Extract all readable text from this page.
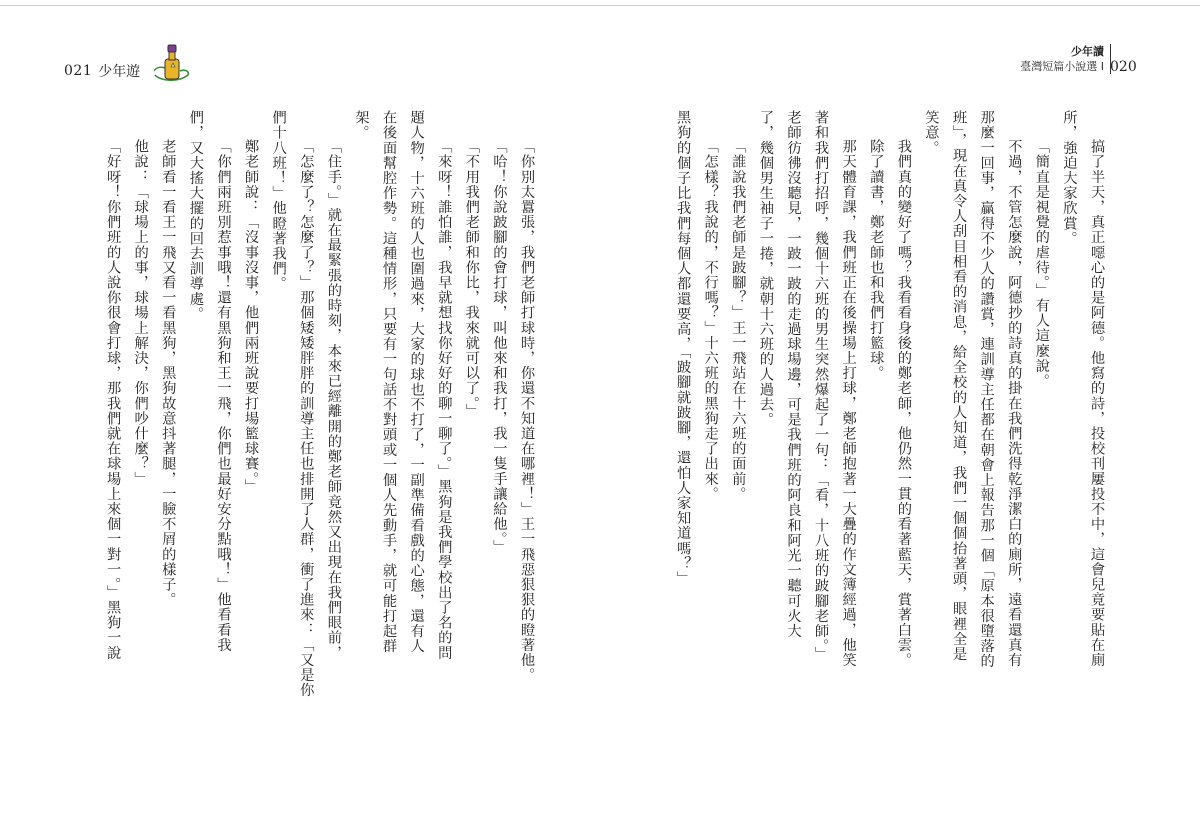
021 少年遊
少年讀
臺灣短篇小說選 I 020

「你別太囂張，我們老師打球時，你還不知道在哪裡！」王一飛惡狠狠的瞪著他。

「哈！你說跛腳的會打球，叫他來和我打，我一隻手讓給他。」

「不用我們老師和你比，我來就可以了。」

「來呀！誰怕誰，我早就想找你好好的聊一聊了。」黑狗是我們學校出了名的問

題人物，十六班的人也圍過來，大家的球也不打了，一副準備看戲的心態，還有人

在後面幫腔作勢。這種情形，只要有一句話不對頭或一個人先動手，就可能打起群

架。

「住手。」就在最緊張的時刻，本來已經離開的鄭老師竟然又出現在我們眼前，

「怎麼了？怎麼了？」那個矮矮胖胖的訓導主任也排開了人群，衝了進來：「又是你

們十八班！」他瞪著我們。

鄭老師說：「沒事沒事，他們兩班說要打場籃球賽。」

「你們兩班別惹事哦！還有黑狗和王一飛，你們也最好安分點哦！」他看看我

們，又大搖大擺的回去訓導處。

老師看一看王一飛又看一看黑狗，黑狗故意抖著腿，一臉不屑的樣子。

他說：「球場上的事，球場上解決，你們吵什麼？」

「好呀！你們班的人說你很會打球，那我們就在球場上來個一對一。」黑狗一說	搞了半天，真正噁心的是阿德。他寫的詩，投校刊屢投不中，這會兒竟要貼在廁

所，強迫大家欣賞。

「簡直是視覺的虐待。」有人這麼說。

不過，不管怎麼說，阿德抄的詩真的掛在我們洗得乾淨潔白的廁所，遠看還真有

那麼一回事，贏得不少人的讚賞，連訓導主任都在朝會上報告那一個「原本很墮落的

班」，現在真令人刮目相看的消息，給全校的人知道，我們一個個抬著頭，眼裡全是

笑意。

我們真的變好了嗎？我看看身後的鄭老師，他仍然一貫的看著藍天，賞著白雲。

除了讀書，鄭老師也和我們打籃球。

那天體育課，我們班正在後操場上打球，鄭老師抱著一大疊的作文簿經過，他笑

著和我們打招呼，幾個十六班的男生突然爆起了一句：「看，十八班的跛腳老師。」

老師彷彿沒聽見，一跛一跛的走過球場邊，可是我們班的阿良和阿光一聽可火大

了，幾個男生袖子一捲，就朝十六班的人過去。

「誰說我們老師是跛腳？」王一飛站在十六班的面前。

「怎樣？我說的，不行嗎？」十六班的黑狗走了出來。

黑狗的個子比我們每個人都還要高，「跛腳就跛腳，還怕人家知道嗎？」
